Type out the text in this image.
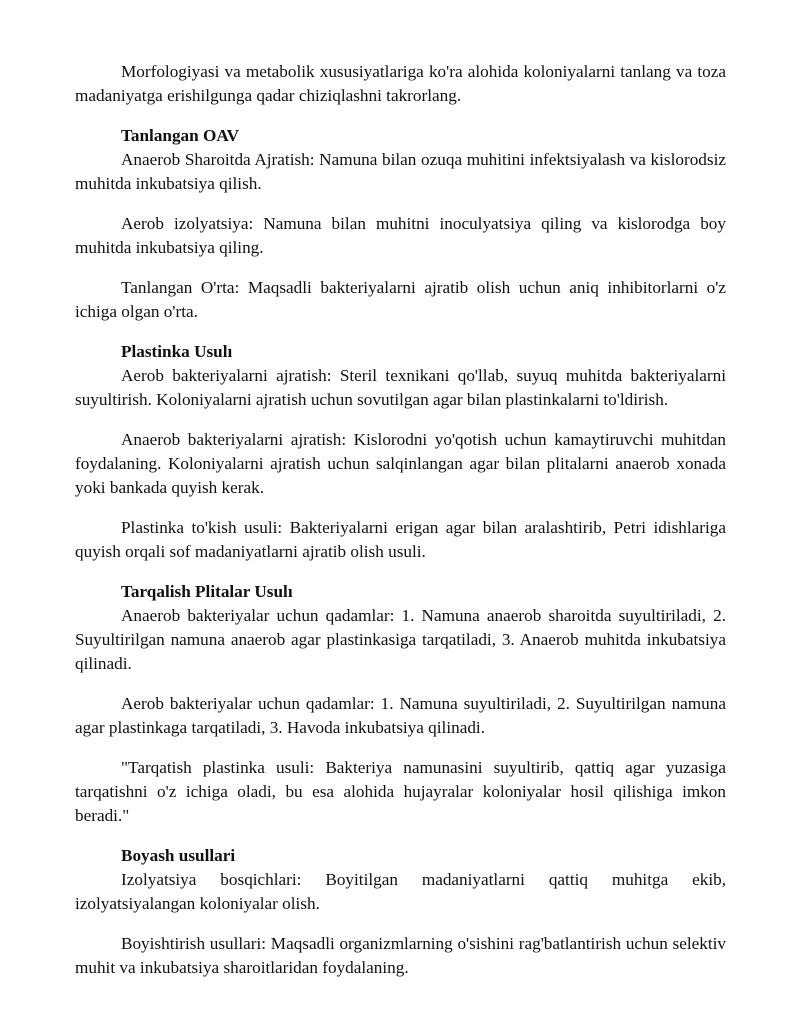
Morfologiyasi va metabolik xususiyatlariga ko'ra alohida koloniyalarni tanlang va toza madaniyatga erishilgunga qadar chiziqlashni takrorlang.

Tanlangan OAV

Anaerob Sharoitda Ajratish: Namuna bilan ozuqa muhitini infektsiyalash va kislorodsiz muhitda inkubatsiya qilish.

Aerob izolyatsiya: Namuna bilan muhitni inoculyatsiya qiling va kislorodga boy muhitda inkubatsiya qiling.

Tanlangan O'rta: Maqsadli bakteriyalarni ajratib olish uchun aniq inhibitorlarni o'z ichiga olgan o'rta.

Plastinka Usulı

Aerob bakteriyalarni ajratish: Steril texnikani qo'llab, suyuq muhitda bakteriyalarni suyultirish. Koloniyalarni ajratish uchun sovutilgan agar bilan plastinkalarni to'ldirish.

Anaerob bakteriyalarni ajratish: Kislorodni yo'qotish uchun kamaytiruvchi muhitdan foydalaning. Koloniyalarni ajratish uchun salqinlangan agar bilan plitalarni anaerob xonada yoki bankada quyish kerak.

Plastinka to'kish usuli: Bakteriyalarni erigan agar bilan aralashtirib, Petri idishlariga quyish orqali sof madaniyatlarni ajratib olish usuli.

Tarqalish Plitalar Usulı

Anaerob bakteriyalar uchun qadamlar: 1. Namuna anaerob sharoitda suyultiriladi, 2. Suyultirilgan namuna anaerob agar plastinkasiga tarqatiladi, 3. Anaerob muhitda inkubatsiya qilinadi.

Aerob bakteriyalar uchun qadamlar: 1. Namuna suyultiriladi, 2. Suyultirilgan namuna agar plastinkaga tarqatiladi, 3. Havoda inkubatsiya qilinadi.

"Tarqatish plastinka usuli: Bakteriya namunasini suyultirib, qattiq agar yuzasiga tarqatishni o'z ichiga oladi, bu esa alohida hujayralar koloniyalar hosil qilishiga imkon beradi."

Boyash usullari

Izolyatsiya bosqichlari: Boyitilgan madaniyatlarni qattiq muhitga ekib, izolyatsiyalangan koloniyalar olish.

Boyishtirish usullari: Maqsadli organizmlarning o'sishini rag'batlantirish uchun selektiv muhit va inkubatsiya sharoitlaridan foydalaning.
